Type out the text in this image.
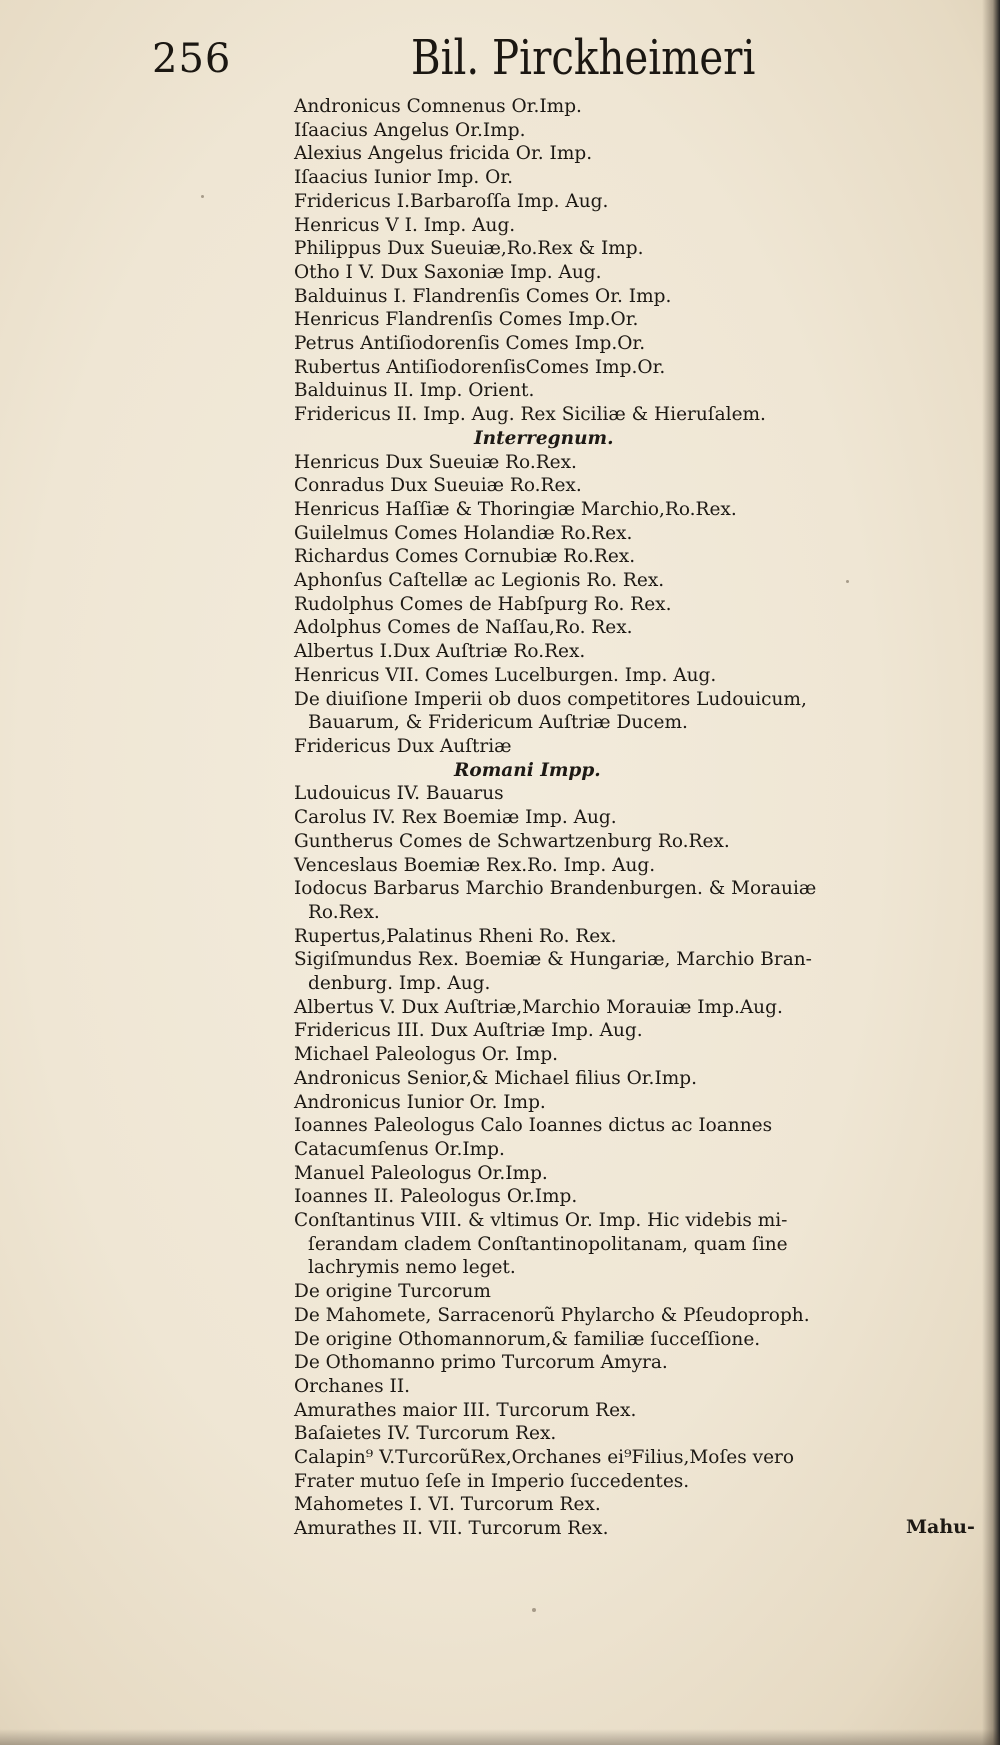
256	Bil. Pirckheimeri
Andronicus Comnenus Or.Imp.
Iſaacius Angelus Or.Imp.
Alexius Angelus fricida Or. Imp.
Iſaacius Iunior Imp. Or.
Fridericus I.Barbaroſſa Imp. Aug.
Henricus V I. Imp. Aug.
Philippus Dux Sueuiæ,Ro.Rex & Imp.
Otho I V. Dux Saxoniæ Imp. Aug.
Balduinus I. Flandrenſis Comes Or. Imp.
Henricus Flandrenſis Comes Imp.Or.
Petrus Antiſiodorenſis Comes Imp.Or.
Rubertus AntiſiodorenſisComes Imp.Or.
Balduinus II. Imp. Orient.
Fridericus II. Imp. Aug. Rex Siciliæ & Hieruſalem.
Interregnum.
Henricus Dux Sueuiæ Ro.Rex.
Conradus Dux Sueuiæ Ro.Rex.
Henricus Haſſiæ & Thoringiæ Marchio,Ro.Rex.
Guilelmus Comes Holandiæ Ro.Rex.
Richardus Comes Cornubiæ Ro.Rex.
Aphonſus Caſtellæ ac Legionis Ro. Rex.
Rudolphus Comes de Habſpurg Ro. Rex.
Adolphus Comes de Naſſau,Ro. Rex.
Albertus I.Dux Auſtriæ Ro.Rex.
Henricus VII. Comes Lucelburgen. Imp. Aug.
De diuiſione Imperii ob duos competitores Ludouicum,
Bauarum, & Fridericum Auſtriæ Ducem.
Fridericus Dux Auſtriæ
Romani Impp.
Ludouicus IV. Bauarus
Carolus IV. Rex Boemiæ Imp. Aug.
Guntherus Comes de Schwartzenburg Ro.Rex.
Venceslaus Boemiæ Rex.Ro. Imp. Aug.
Iodocus Barbarus Marchio Brandenburgen. & Morauiæ
Ro.Rex.
Rupertus,Palatinus Rheni Ro. Rex.
Sigiſmundus Rex. Boemiæ & Hungariæ, Marchio Bran-
denburg. Imp. Aug.
Albertus V. Dux Auſtriæ,Marchio Morauiæ Imp.Aug.
Fridericus III. Dux Auſtriæ Imp. Aug.
Michael Paleologus Or. Imp.
Andronicus Senior,& Michael filius Or.Imp.
Andronicus Iunior Or. Imp.
Ioannes Paleologus Calo Ioannes dictus ac Ioannes
Catacumſenus Or.Imp.
Manuel Paleologus Or.Imp.
Ioannes II. Paleologus Or.Imp.
Conſtantinus VIII. & vltimus Or. Imp. Hic videbis mi-
ſerandam cladem Conſtantinopolitanam, quam ſine
lachrymis nemo leget.
De origine Turcorum
De Mahomete, Sarracenorũ Phylarcho & Pſeudoproph.
De origine Othomannorum,& familiæ ſucceſſione.
De Othomanno primo Turcorum Amyra.
Orchanes II.
Amurathes maior III. Turcorum Rex.
Baſaietes IV. Turcorum Rex.
Calapin⁹ V.TurcorũRex,Orchanes ei⁹Filius,Moſes vero
Frater mutuo ſeſe in Imperio ſuccedentes.
Mahometes I. VI. Turcorum Rex.
Amurathes II. VII. Turcorum Rex.	Mahu-
